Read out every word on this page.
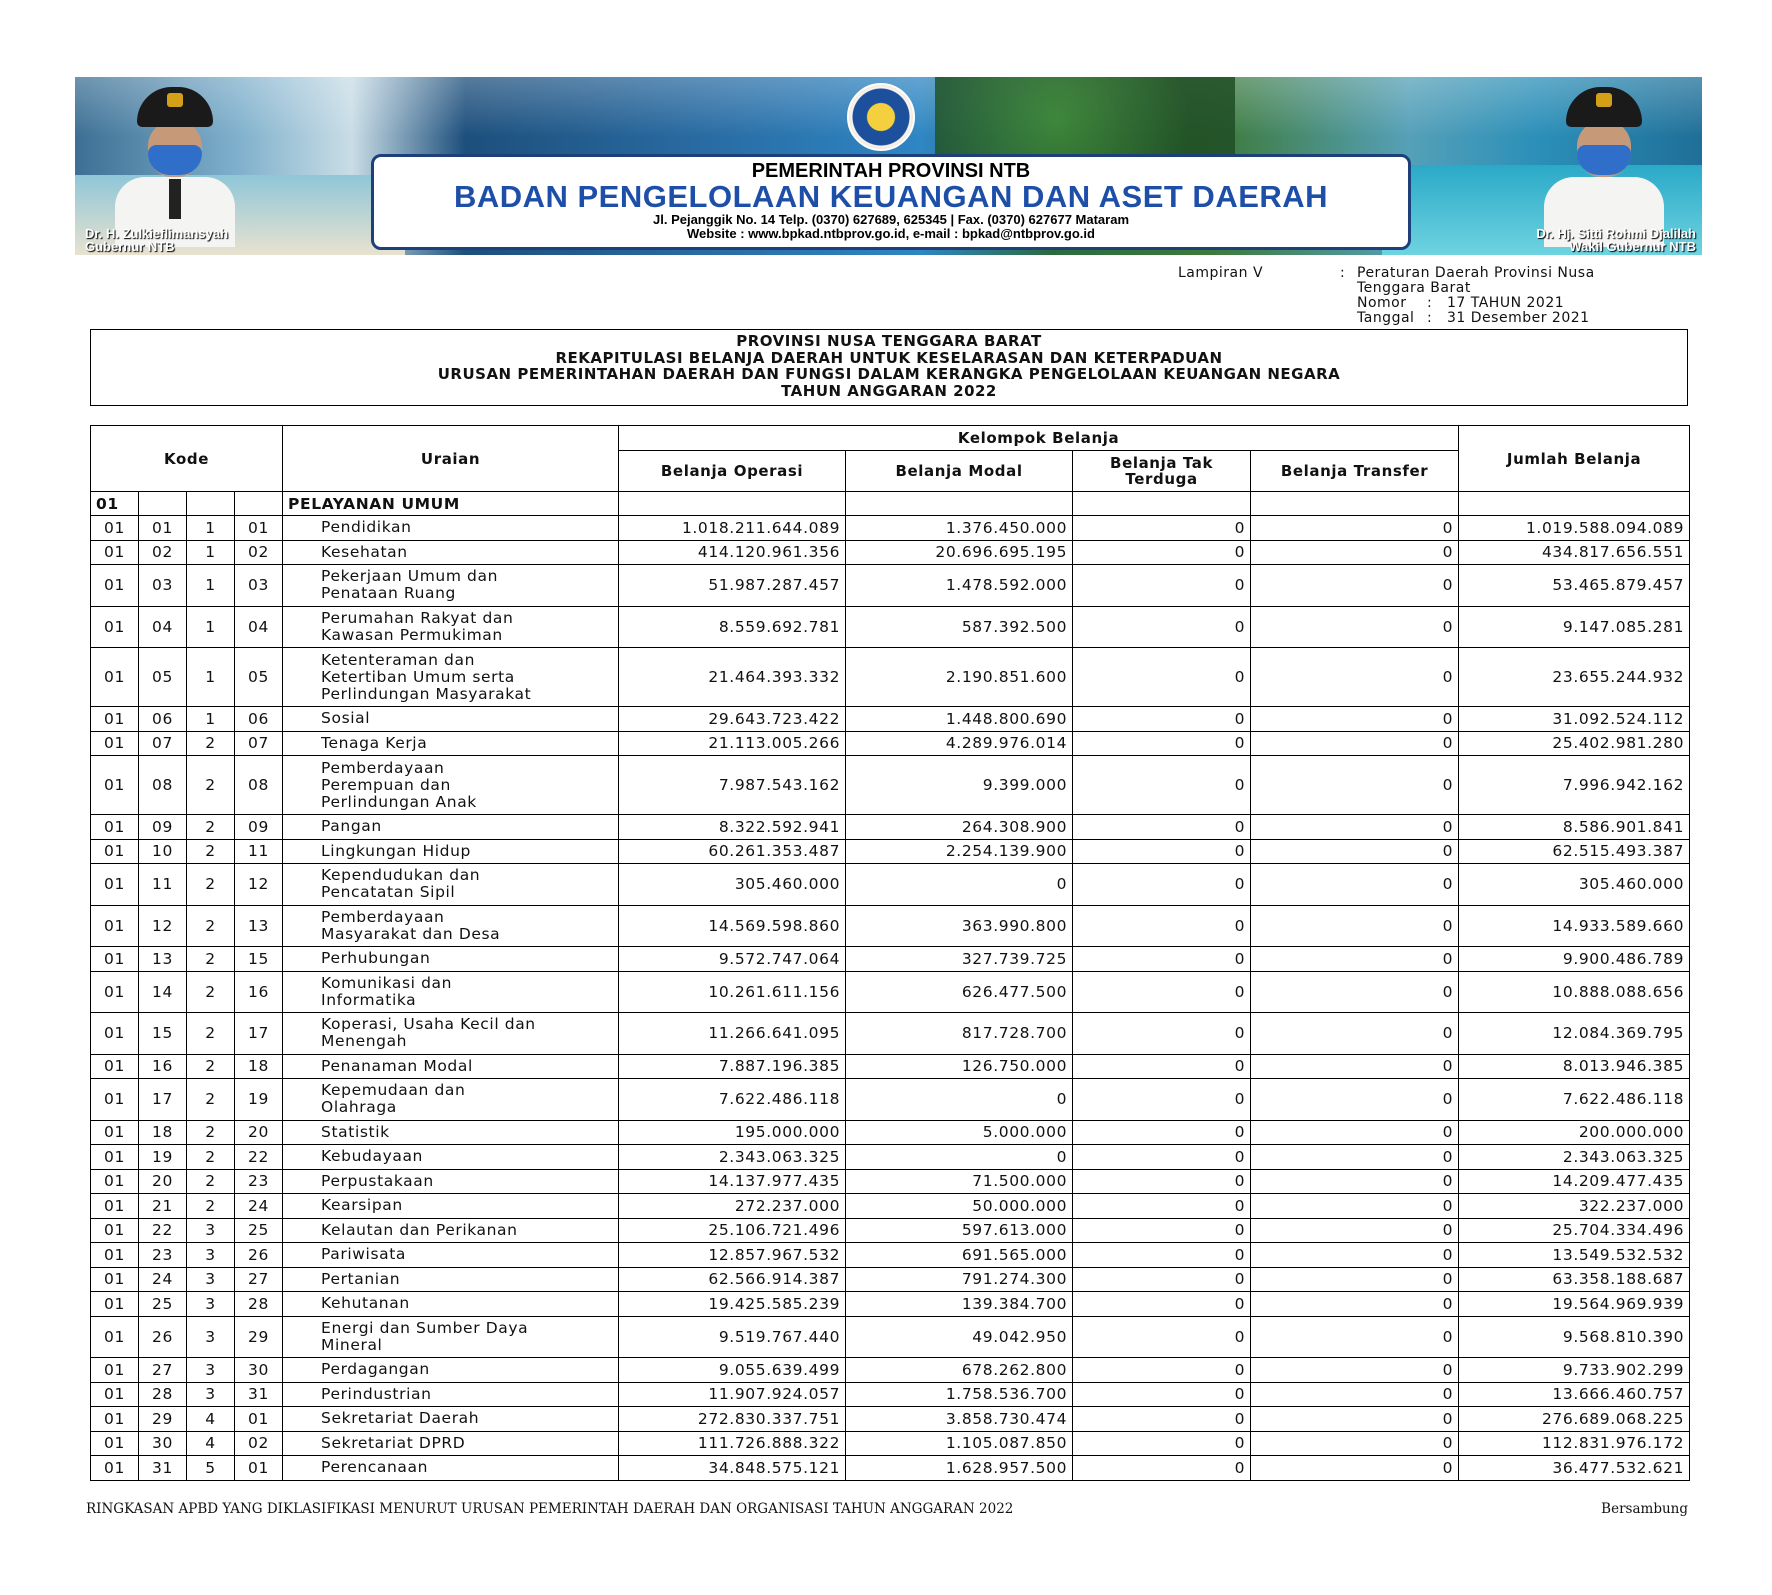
PEMERINTAH PROVINSI NTB
BADAN PENGELOLAAN KEUANGAN DAN ASET DAERAH
Jl. Pejanggik No. 14 Telp. (0370) 627689, 625345 | Fax. (0370) 627677 Mataram
Website : www.bpkad.ntbprov.go.id, e-mail : bpkad@ntbprov.go.id
Dr. H. Zulkieflimansyah
Gubernur NTB
Dr. Hj. Sitti Rohmi Djalilah
Wakil Gubernur NTB
Lampiran V	: Peraturan Daerah Provinsi Nusa
Tenggara Barat
Nomor : 17 TAHUN 2021
Tanggal : 31 Desember 2021
PROVINSI NUSA TENGGARA BARAT
REKAPITULASI BELANJA DAERAH UNTUK KESELARASAN DAN KETERPADUAN
URUSAN PEMERINTAHAN DAERAH DAN FUNGSI DALAM KERANGKA PENGELOLAAN KEUANGAN NEGARA
TAHUN ANGGARAN 2022
Kode				Uraian	Kelompok Belanja				Jumlah Belanja
					Belanja Operasi	Belanja Modal	Belanja Tak
Terduga	Belanja Transfer	
01				PELAYANAN UMUM					
01	01	1	01	Pendidikan	1.018.211.644.089	1.376.450.000	0	0	1.019.588.094.089
01	02	1	02	Kesehatan	414.120.961.356	20.696.695.195	0	0	434.817.656.551
01	03	1	03	Pekerjaan Umum dan
Penataan Ruang	51.987.287.457	1.478.592.000	0	0	53.465.879.457
01	04	1	04	Perumahan Rakyat dan
Kawasan Permukiman	8.559.692.781	587.392.500	0	0	9.147.085.281
01	05	1	05	Ketenteraman dan
Ketertiban Umum serta
Perlindungan Masyarakat	21.464.393.332	2.190.851.600	0	0	23.655.244.932
01	06	1	06	Sosial	29.643.723.422	1.448.800.690	0	0	31.092.524.112
01	07	2	07	Tenaga Kerja	21.113.005.266	4.289.976.014	0	0	25.402.981.280
01	08	2	08	Pemberdayaan
Perempuan dan
Perlindungan Anak	7.987.543.162	9.399.000	0	0	7.996.942.162
01	09	2	09	Pangan	8.322.592.941	264.308.900	0	0	8.586.901.841
01	10	2	11	Lingkungan Hidup	60.261.353.487	2.254.139.900	0	0	62.515.493.387
01	11	2	12	Kependudukan dan
Pencatatan Sipil	305.460.000	0	0	0	305.460.000
01	12	2	13	Pemberdayaan
Masyarakat dan Desa	14.569.598.860	363.990.800	0	0	14.933.589.660
01	13	2	15	Perhubungan	9.572.747.064	327.739.725	0	0	9.900.486.789
01	14	2	16	Komunikasi dan
Informatika	10.261.611.156	626.477.500	0	0	10.888.088.656
01	15	2	17	Koperasi, Usaha Kecil dan
Menengah	11.266.641.095	817.728.700	0	0	12.084.369.795
01	16	2	18	Penanaman Modal	7.887.196.385	126.750.000	0	0	8.013.946.385
01	17	2	19	Kepemudaan dan
Olahraga	7.622.486.118	0	0	0	7.622.486.118
01	18	2	20	Statistik	195.000.000	5.000.000	0	0	200.000.000
01	19	2	22	Kebudayaan	2.343.063.325	0	0	0	2.343.063.325
01	20	2	23	Perpustakaan	14.137.977.435	71.500.000	0	0	14.209.477.435
01	21	2	24	Kearsipan	272.237.000	50.000.000	0	0	322.237.000
01	22	3	25	Kelautan dan Perikanan	25.106.721.496	597.613.000	0	0	25.704.334.496
01	23	3	26	Pariwisata	12.857.967.532	691.565.000	0	0	13.549.532.532
01	24	3	27	Pertanian	62.566.914.387	791.274.300	0	0	63.358.188.687
01	25	3	28	Kehutanan	19.425.585.239	139.384.700	0	0	19.564.969.939
01	26	3	29	Energi dan Sumber Daya
Mineral	9.519.767.440	49.042.950	0	0	9.568.810.390
01	27	3	30	Perdagangan	9.055.639.499	678.262.800	0	0	9.733.902.299
01	28	3	31	Perindustrian	11.907.924.057	1.758.536.700	0	0	13.666.460.757
01	29	4	01	Sekretariat Daerah	272.830.337.751	3.858.730.474	0	0	276.689.068.225
01	30	4	02	Sekretariat DPRD	111.726.888.322	1.105.087.850	0	0	112.831.976.172
01	31	5	01	Perencanaan	34.848.575.121	1.628.957.500	0	0	36.477.532.621
RINGKASAN APBD YANG DIKLASIFIKASI MENURUT URUSAN PEMERINTAH DAERAH DAN ORGANISASI TAHUN ANGGARAN 2022	Bersambung
